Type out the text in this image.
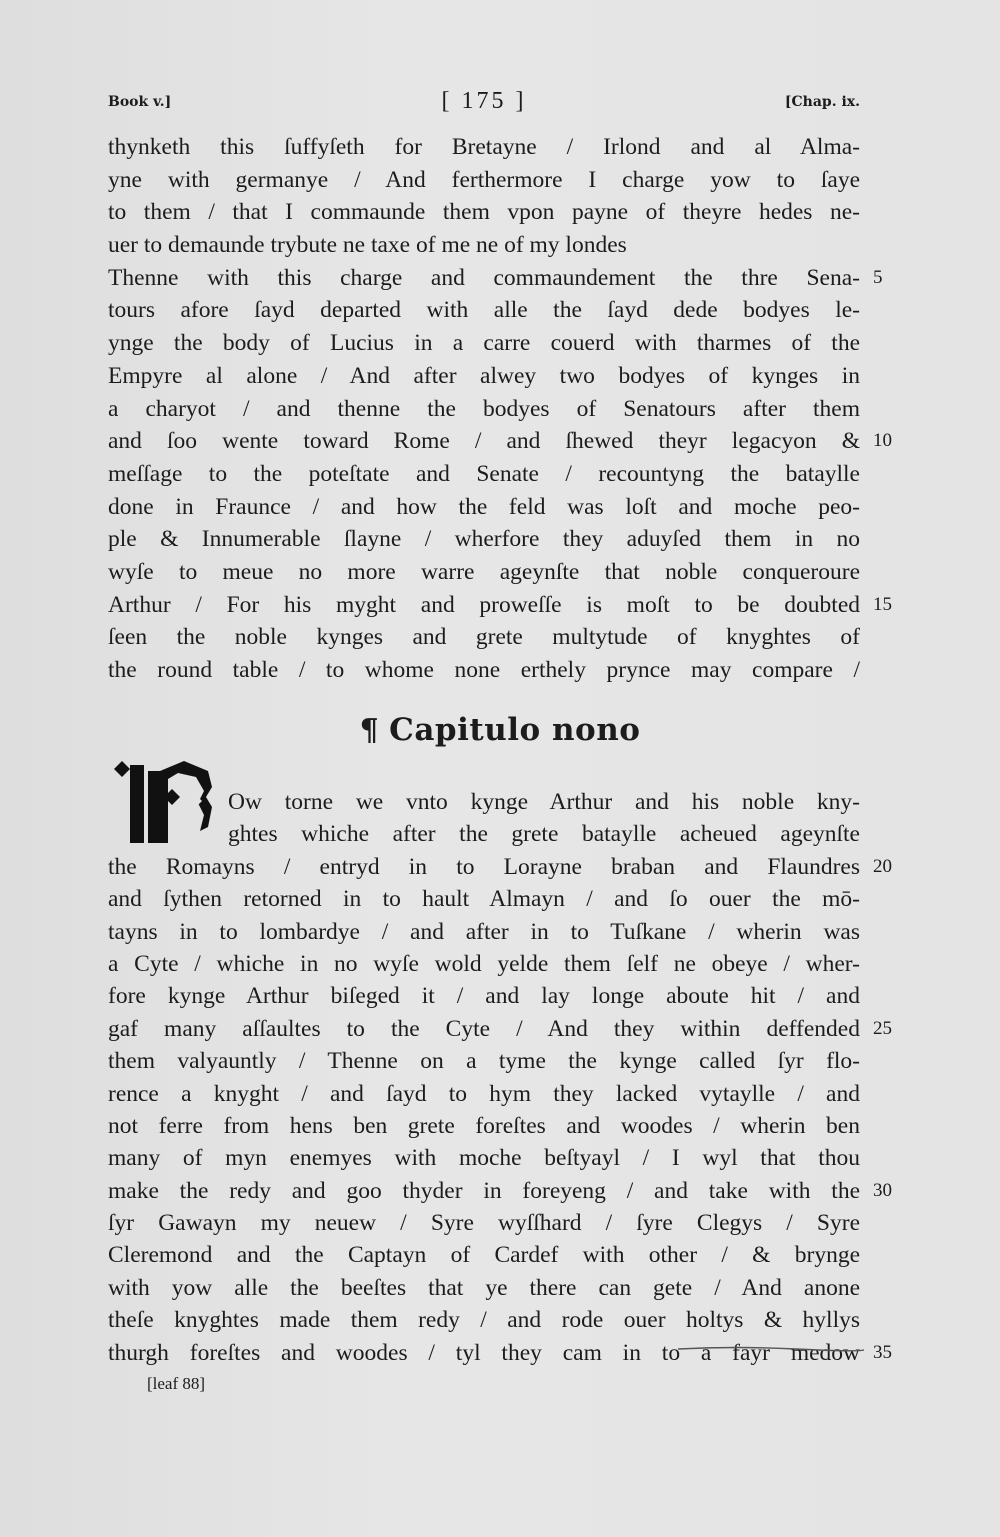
Book v.]	[ 175 ]	[Chap. ix.
thynketh this ſuffyſeth for Bretayne / Irlond and al Alma-
yne with germanye / And ferthermore I charge yow to ſaye
to them / that I commaunde them vpon payne of theyre hedes ne-
uer to demaunde trybute ne taxe of me ne of my londes
Thenne with this charge and commaundement the thre Sena- 5
tours afore ſayd departed with alle the ſayd dede bodyes le-
ynge the body of Lucius in a carre couerd with tharmes of the
Empyre al alone / And after alwey two bodyes of kynges in
a charyot / and thenne the bodyes of Senatours after them
and ſoo wente toward Rome / and ſhewed theyr legacyon & 10
meſſage to the poteſtate and Senate / recountyng the bataylle
done in Fraunce / and how the feld was loſt and moche peo-
ple & Innumerable ſlayne / wherfore they aduyſed them in no
wyſe to meue no more warre ageynſte that noble conqueroure
Arthur / For his myght and proweſſe is moſt to be doubted 15
ſeen the noble kynges and grete multytude of knyghtes of
the round table / to whome none erthely prynce may compare /
¶ Capitulo nono
Ow torne we vnto kynge Arthur and his noble kny-
ghtes whiche after the grete bataylle acheued ageynſte
the Romayns / entryd in to Lorayne braban and Flaundres 20
and ſythen retorned in to hault Almayn / and ſo ouer the mō-
tayns in to lombardye / and after in to Tuſkane / wherin was
a Cyte / whiche in no wyſe wold yelde them ſelf ne obeye / wher-
fore kynge Arthur biſeged it / and lay longe aboute hit / and
gaf many aſſaultes to the Cyte / And they within deffended 25
them valyauntly / Thenne on a tyme the kynge called ſyr flo-
rence a knyght / and ſayd to hym they lacked vytaylle / and
not ferre from hens ben grete foreſtes and woodes / wherin ben
many of myn enemyes with moche beſtyayl / I wyl that thou
make the redy and goo thyder in foreyeng / and take with the 30
ſyr Gawayn my neuew / Syre wyſſhard / ſyre Clegys / Syre
Cleremond and the Captayn of Cardef with other / & brynge
with yow alle the beeſtes that ye there can gete / And anone
theſe knyghtes made them redy / and rode ouer holtys & hyllys
thurgh foreſtes and woodes / tyl they cam in to a fayr medow 35
[leaf 88]
